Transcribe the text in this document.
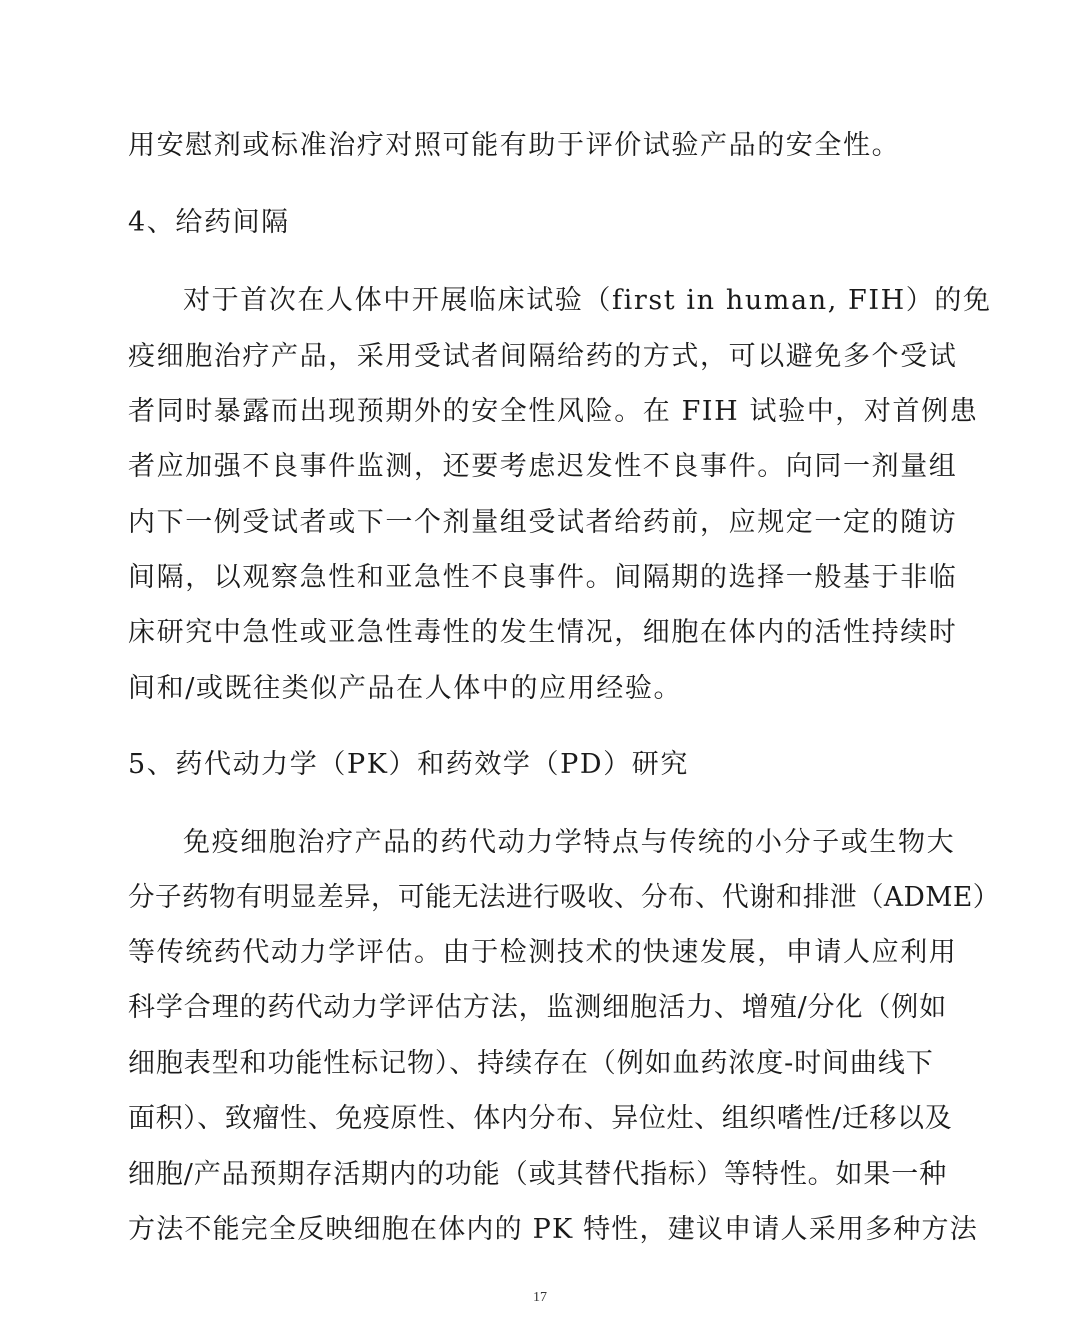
用安慰剂或标准治疗对照可能有助于评价试验产品的安全性。

4、给药间隔

对于首次在人体中开展临床试验（first in human, FIH）的免

疫细胞治疗产品，采用受试者间隔给药的方式，可以避免多个受试

者同时暴露而出现预期外的安全性风险。在 FIH 试验中，对首例患

者应加强不良事件监测，还要考虑迟发性不良事件。向同一剂量组

内下一例受试者或下一个剂量组受试者给药前，应规定一定的随访

间隔，以观察急性和亚急性不良事件。间隔期的选择一般基于非临

床研究中急性或亚急性毒性的发生情况，细胞在体内的活性持续时

间和/或既往类似产品在人体中的应用经验。

5、药代动力学（PK）和药效学（PD）研究

免疫细胞治疗产品的药代动力学特点与传统的小分子或生物大

分子药物有明显差异，可能无法进行吸收、分布、代谢和排泄（ADME）

等传统药代动力学评估。由于检测技术的快速发展，申请人应利用

科学合理的药代动力学评估方法，监测细胞活力、增殖/分化（例如

细胞表型和功能性标记物）、持续存在（例如血药浓度-时间曲线下

面积）、致瘤性、免疫原性、体内分布、异位灶、组织嗜性/迁移以及

细胞/产品预期存活期内的功能（或其替代指标）等特性。如果一种

方法不能完全反映细胞在体内的 PK 特性，建议申请人采用多种方法

17
